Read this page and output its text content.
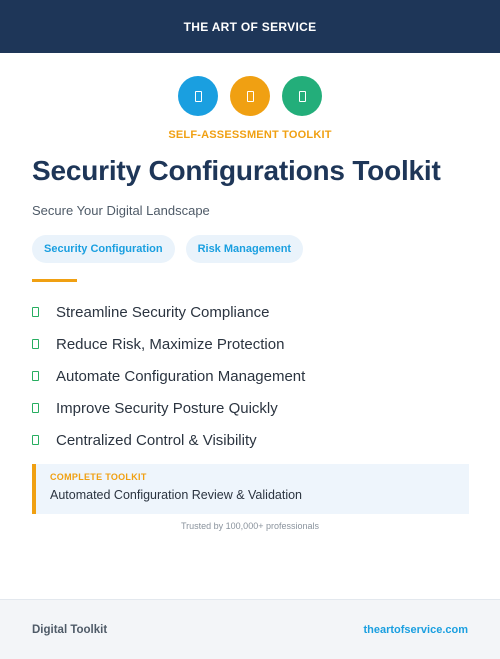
THE ART OF SERVICE
SELF-ASSESSMENT TOOLKIT
Security Configurations Toolkit
Secure Your Digital Landscape
Security Configuration	Risk Management
Streamline Security Compliance
Reduce Risk, Maximize Protection
Automate Configuration Management
Improve Security Posture Quickly
Centralized Control & Visibility
COMPLETE TOOLKIT
Automated Configuration Review & Validation
Trusted by 100,000+ professionals
Digital Toolkit	theartofservice.com
